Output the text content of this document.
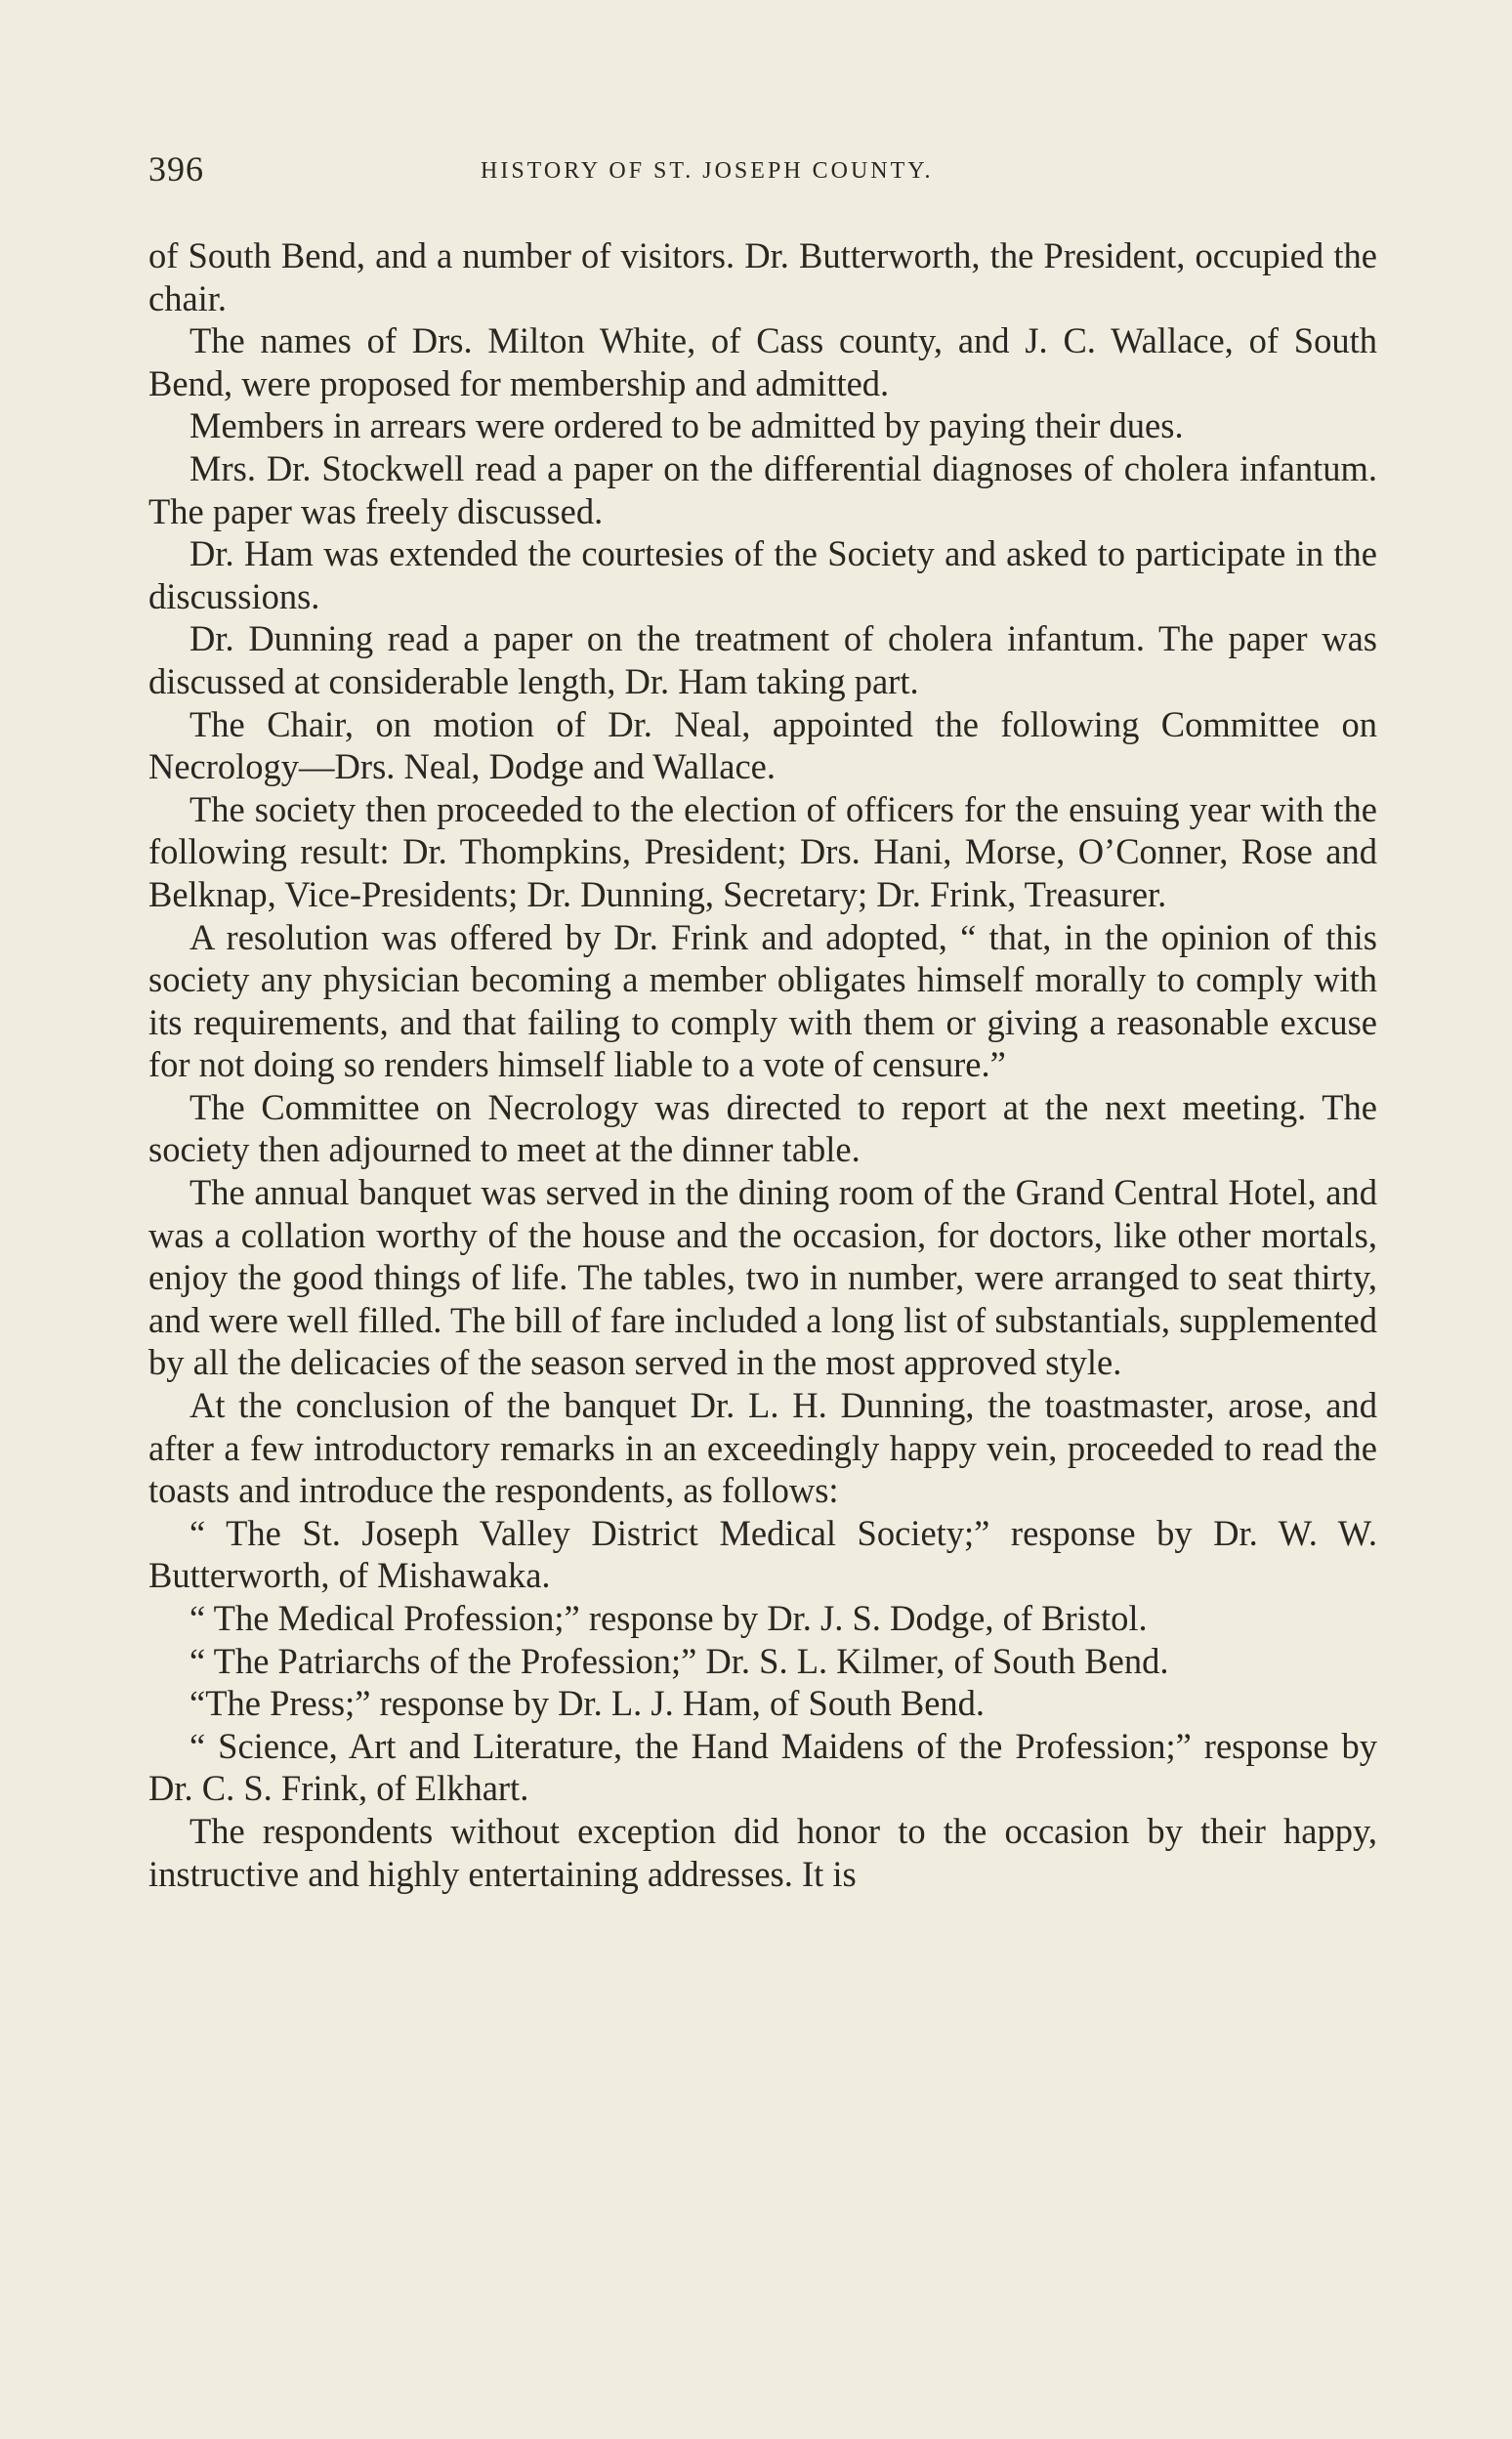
396	HISTORY OF ST. JOSEPH COUNTY.

of South Bend, and a number of visitors. Dr. Butterworth, the President, occupied the chair.

The names of Drs. Milton White, of Cass county, and J. C. Wallace, of South Bend, were proposed for membership and admitted.

Members in arrears were ordered to be admitted by paying their dues.

Mrs. Dr. Stockwell read a paper on the differential diagnoses of cholera infantum. The paper was freely discussed.

Dr. Ham was extended the courtesies of the Society and asked to participate in the discussions.

Dr. Dunning read a paper on the treatment of cholera infantum. The paper was discussed at considerable length, Dr. Ham taking part.

The Chair, on motion of Dr. Neal, appointed the following Committee on Necrology—Drs. Neal, Dodge and Wallace.

The society then proceeded to the election of officers for the ensuing year with the following result: Dr. Thompkins, President; Drs. Hani, Morse, O’Conner, Rose and Belknap, Vice-Presidents; Dr. Dunning, Secretary; Dr. Frink, Treasurer.

A resolution was offered by Dr. Frink and adopted, “ that, in the opinion of this society any physician becoming a member obligates himself morally to comply with its requirements, and that failing to comply with them or giving a reasonable excuse for not doing so renders himself liable to a vote of censure.”

The Committee on Necrology was directed to report at the next meeting. The society then adjourned to meet at the dinner table.

The annual banquet was served in the dining room of the Grand Central Hotel, and was a collation worthy of the house and the occasion, for doctors, like other mortals, enjoy the good things of life. The tables, two in number, were arranged to seat thirty, and were well filled. The bill of fare included a long list of substantials, supplemented by all the delicacies of the season served in the most approved style.

At the conclusion of the banquet Dr. L. H. Dunning, the toastmaster, arose, and after a few introductory remarks in an exceedingly happy vein, proceeded to read the toasts and introduce the respondents, as follows:

“ The St. Joseph Valley District Medical Society;” response by Dr. W. W. Butterworth, of Mishawaka.

“ The Medical Profession;” response by Dr. J. S. Dodge, of Bristol.

“ The Patriarchs of the Profession;” Dr. S. L. Kilmer, of South Bend.

“The Press;” response by Dr. L. J. Ham, of South Bend.

“ Science, Art and Literature, the Hand Maidens of the Profession;” response by Dr. C. S. Frink, of Elkhart.

The respondents without exception did honor to the occasion by their happy, instructive and highly entertaining addresses. It is
